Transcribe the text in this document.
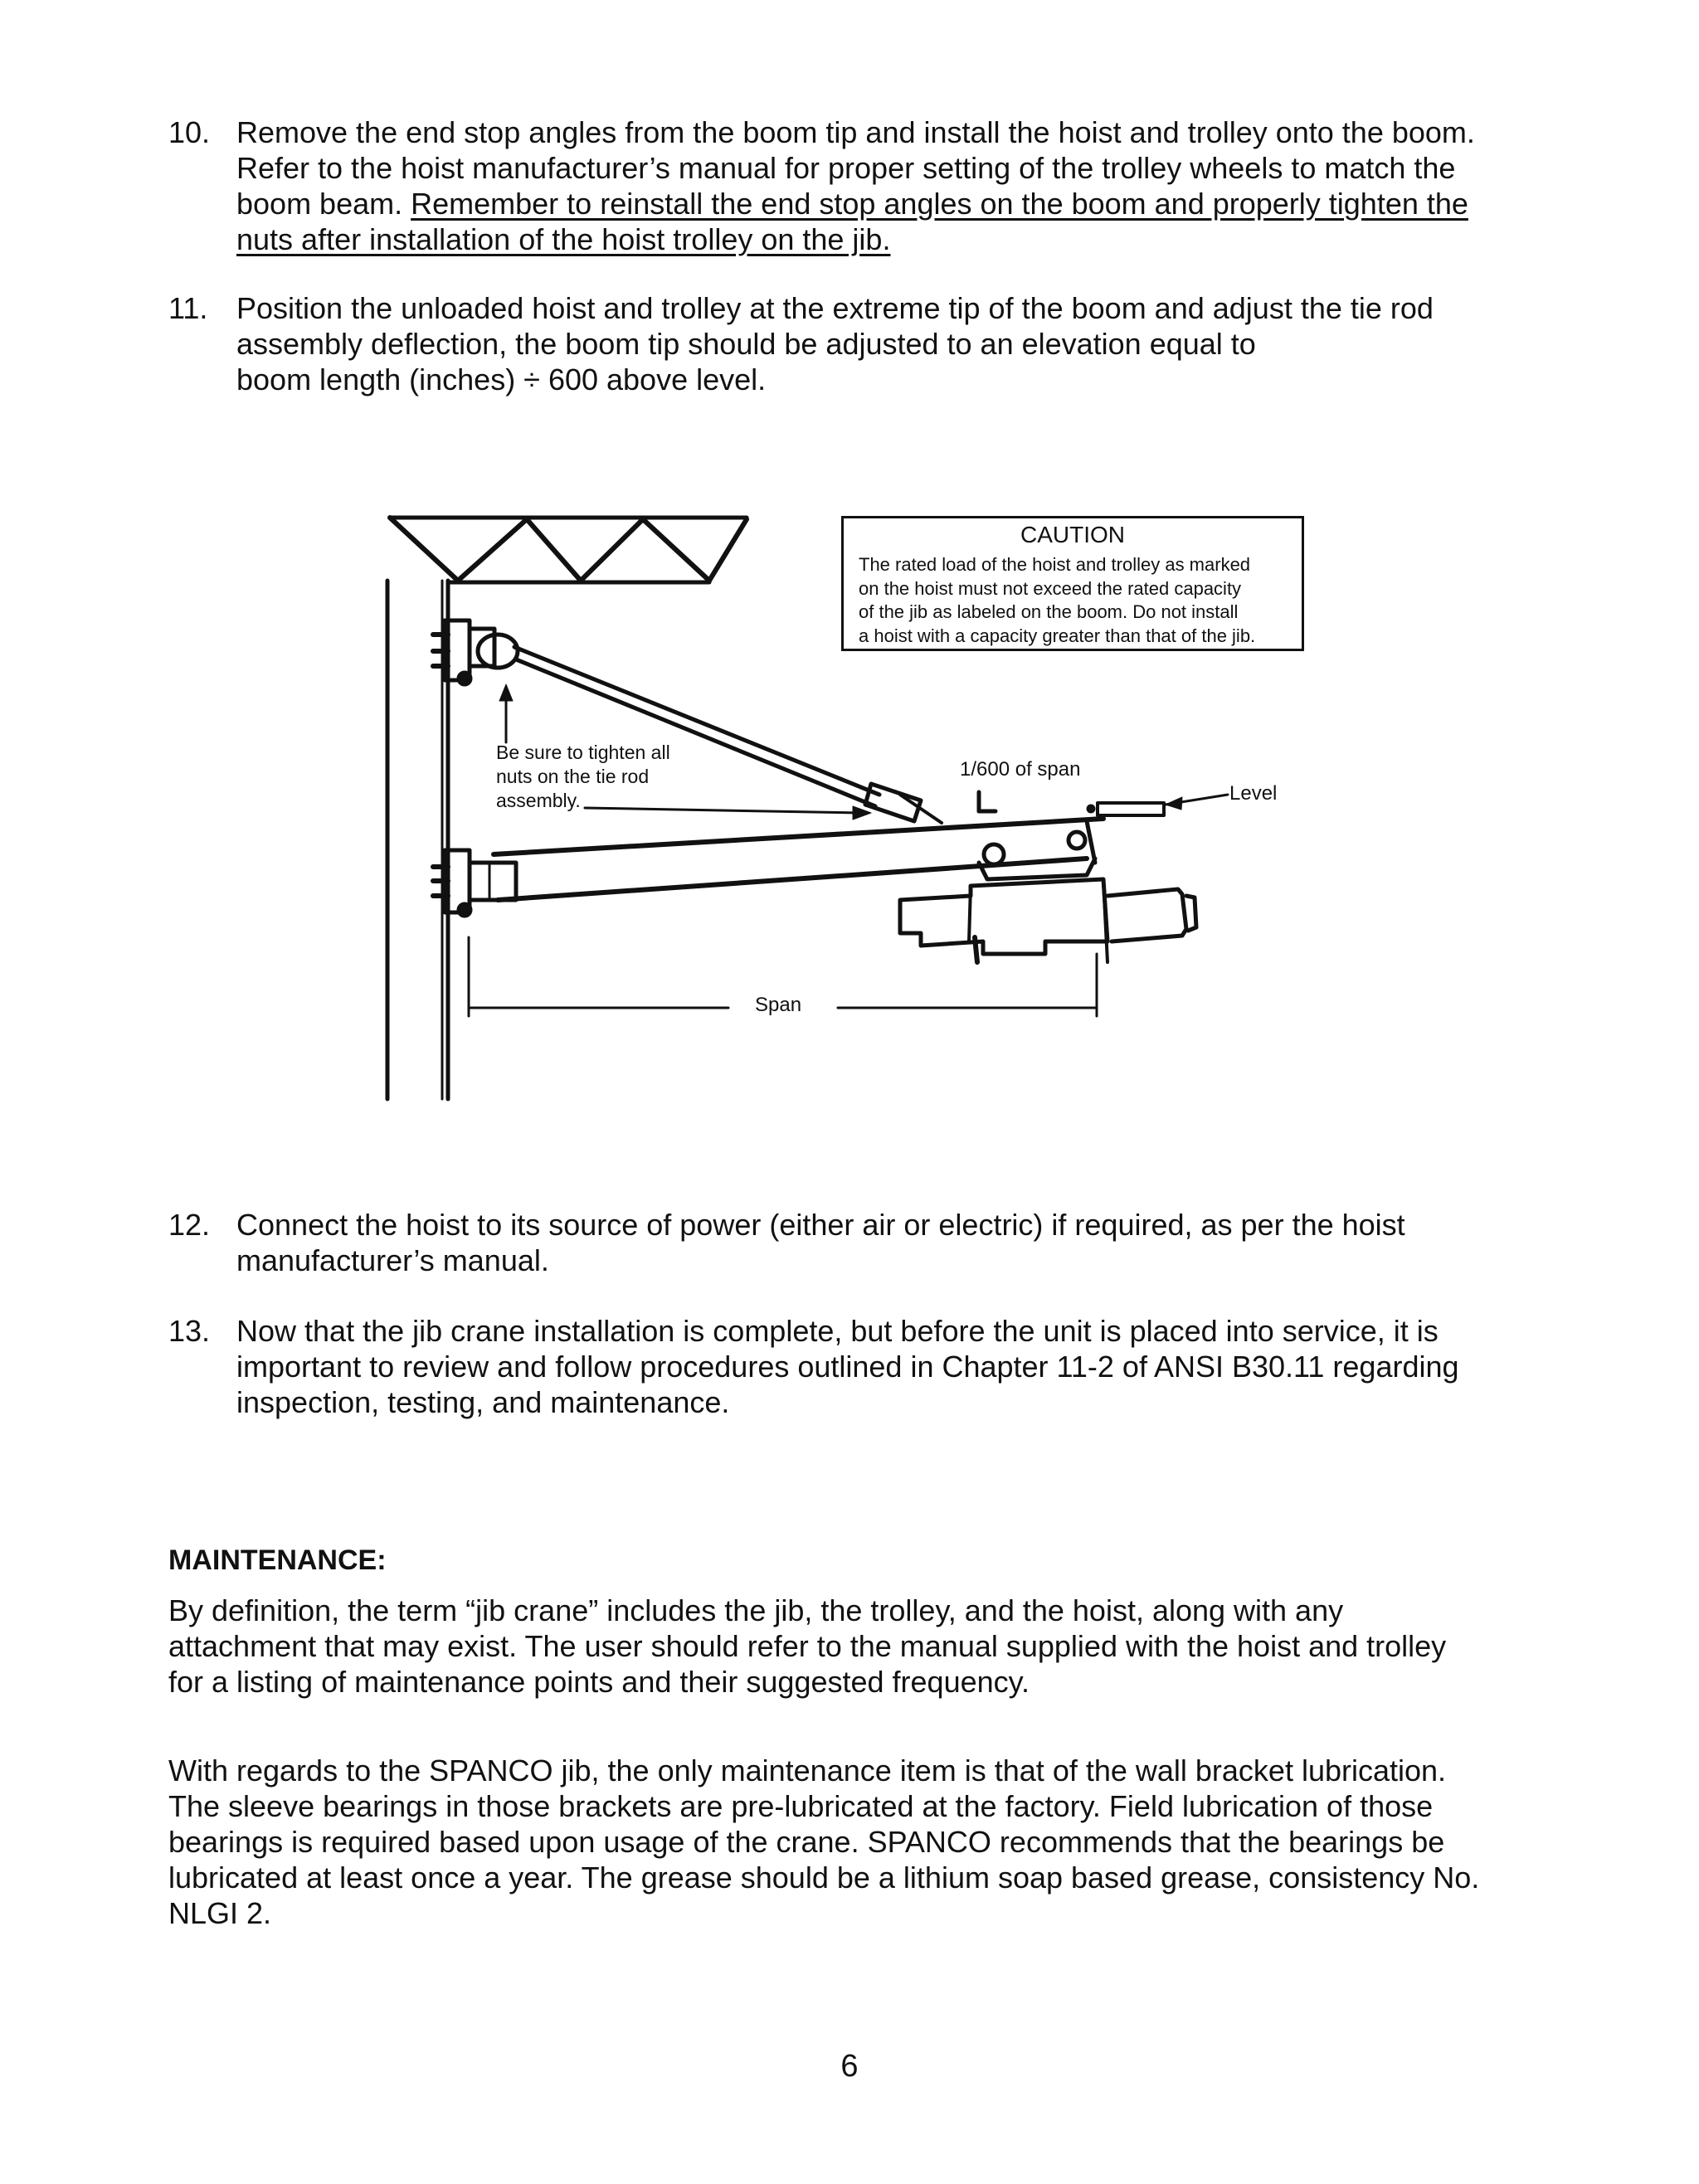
10. Remove the end stop angles from the boom tip and install the hoist and trolley onto the boom. Refer to the hoist manufacturer’s manual for proper setting of the trolley wheels to match the boom beam. Remember to reinstall the end stop angles on the boom and properly tighten the nuts after installation of the hoist trolley on the jib.
11. Position the unloaded hoist and trolley at the extreme tip of the boom and adjust the tie rod
assembly deflection, the boom tip should be adjusted to an elevation equal to
boom length (inches) ÷ 600 above level.
Be sure to tighten all
nuts on the tie rod
assembly.
1/600 of span
Level
Span
CAUTION
The rated load of the hoist and trolley as marked
on the hoist must not exceed the rated capacity
of the jib as labeled on the boom. Do not install
a hoist with a capacity greater than that of the jib.
12. Connect the hoist to its source of power (either air or electric) if required, as per the hoist manufacturer’s manual.
13. Now that the jib crane installation is complete, but before the unit is placed into service, it is important to review and follow procedures outlined in Chapter 11-2 of ANSI B30.11 regarding inspection, testing, and maintenance.
MAINTENANCE:
By definition, the term “jib crane” includes the jib, the trolley, and the hoist, along with any attachment that may exist. The user should refer to the manual supplied with the hoist and trolley for a listing of maintenance points and their suggested frequency.
With regards to the SPANCO jib, the only maintenance item is that of the wall bracket lubrication. The sleeve bearings in those brackets are pre-lubricated at the factory. Field lubrication of those bearings is required based upon usage of the crane. SPANCO recommends that the bearings be lubricated at least once a year. The grease should be a lithium soap based grease, consistency No. NLGI 2.
6
